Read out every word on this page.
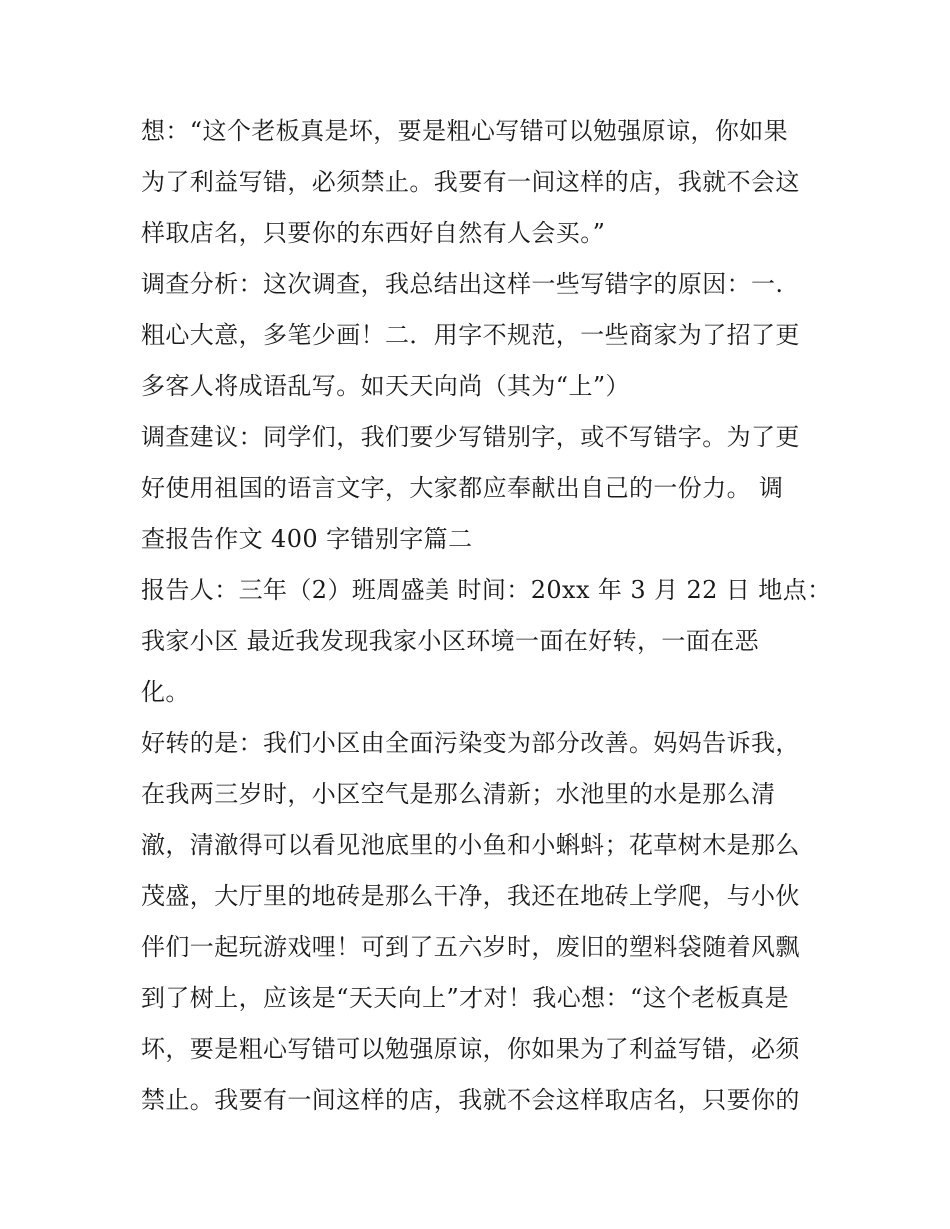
想：“这个老板真是坏，要是粗心写错可以勉强原谅，你如果
为了利益写错，必须禁止。我要有一间这样的店，我就不会这
样取店名，只要你的东西好自然有人会买。”
调查分析：这次调查，我总结出这样一些写错字的原因：一.
粗心大意，多笔少画！二．用字不规范，一些商家为了招了更
多客人将成语乱写。如天天向尚（其为“上”）
调查建议：同学们，我们要少写错别字，或不写错字。为了更
好使用祖国的语言文字，大家都应奉献出自己的一份力。 调
查报告作文 400 字错别字篇二
报告人：三年（2）班周盛美 时间：20xx 年 3 月 22 日 地点：
我家小区 最近我发现我家小区环境一面在好转，一面在恶
化。
好转的是：我们小区由全面污染变为部分改善。妈妈告诉我，
在我两三岁时，小区空气是那么清新；水池里的水是那么清
澈，清澈得可以看见池底里的小鱼和小蝌蚪；花草树木是那么
茂盛，大厅里的地砖是那么干净，我还在地砖上学爬，与小伙
伴们一起玩游戏哩！可到了五六岁时，废旧的塑料袋随着风飘
到了树上，应该是“天天向上”才对！我心想：“这个老板真是
坏，要是粗心写错可以勉强原谅，你如果为了利益写错，必须
禁止。我要有一间这样的店，我就不会这样取店名，只要你的
